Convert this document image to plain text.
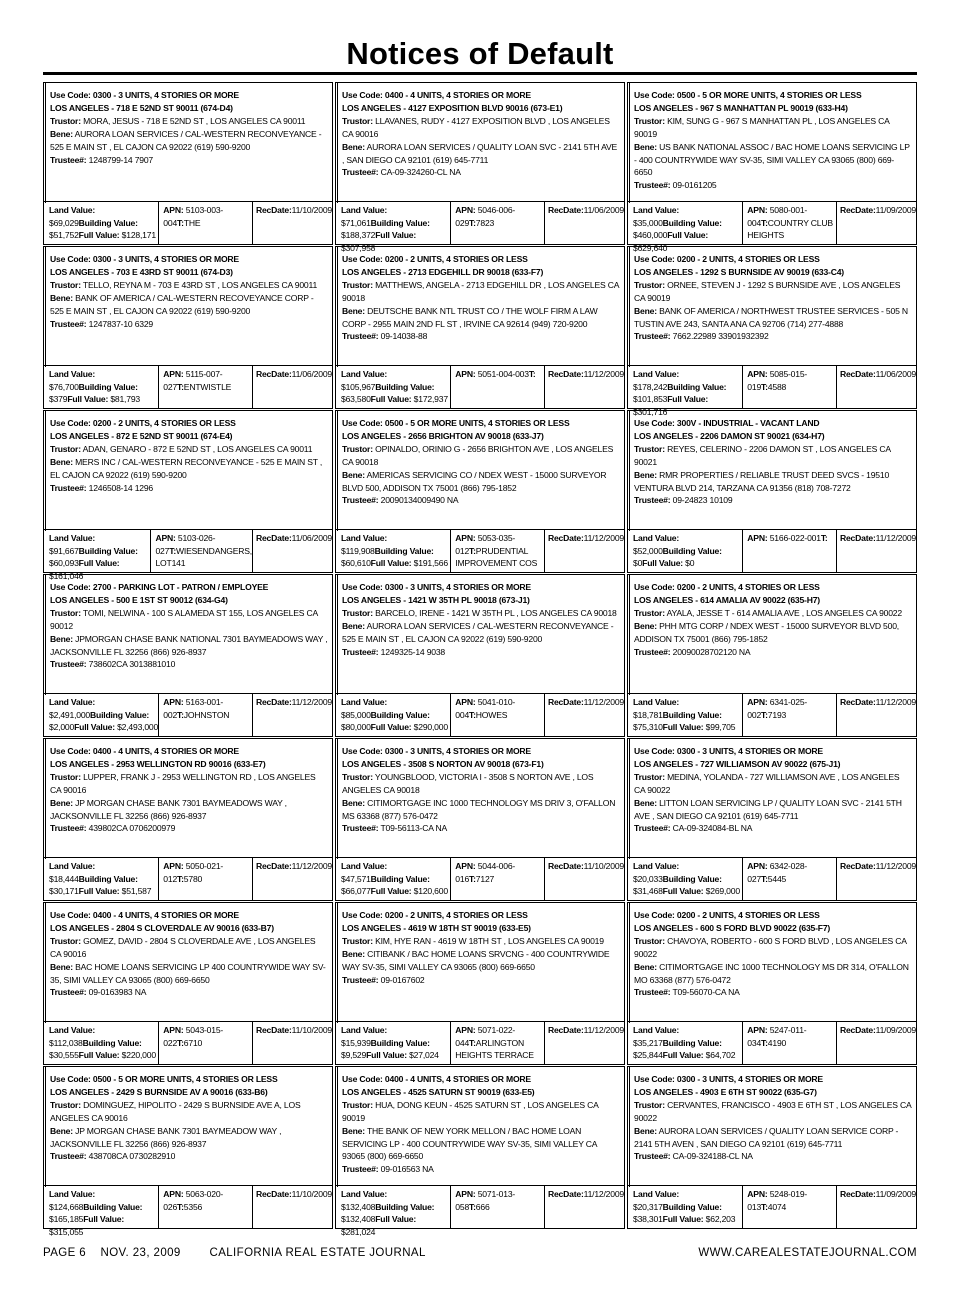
Notices of Default
Use Code: 0300 - 3 UNITS, 4 STORIES OR MORE
LOS ANGELES - 718 E 52ND ST 90011 (674-D4)
Trustor: MORA, JESUS - 718 E 52ND ST , LOS ANGELES CA 90011
Bene: AURORA LOAN SERVICES / CAL-WESTERN RECONVEYANCE - 525 E MAIN ST , EL CAJON CA 92022 (619) 590-9200
Trustee#: 1248799-14 7907
Land Value: $69,029Building Value: $51,752Full Value: $128,171
APN: 5103-003-004T:THE
RecDate:11/10/2009
Use Code: 0400 - 4 UNITS, 4 STORIES OR MORE
LOS ANGELES - 4127 EXPOSITION BLVD 90016 (673-E1)
Trustor: LLAVANES, RUDY - 4127 EXPOSITION BLVD , LOS ANGELES CA 90016
Bene: AURORA LOAN SERVICES / QUALITY LOAN SVC - 2141 5TH AVE , SAN DIEGO CA 92101 (619) 645-7711
Trustee#: CA-09-324260-CL NA
Land Value: $71,061Building Value: $188,372Full Value: $307,958
APN: 5046-006-029T:7823
RecDate:11/06/2009
Use Code: 0500 - 5 OR MORE UNITS, 4 STORIES OR LESS
LOS ANGELES - 967 S MANHATTAN PL 90019 (633-H4)
Trustor: KIM, SUNG G - 967 S MANHATTAN PL , LOS ANGELES CA 90019
Bene: US BANK NATIONAL ASSOC / BAC HOME LOANS SERVICING LP - 400 COUNTRYWIDE WAY SV-35, SIMI VALLEY CA 93065 (800) 669-6650
Trustee#: 09-0161205
Land Value: $35,000Building Value: $460,000Full Value: $629,640
APN: 5080-001-004T:COUNTRY CLUB HEIGHTS
RecDate:11/09/2009
Use Code: 0300 - 3 UNITS, 4 STORIES OR MORE
LOS ANGELES - 703 E 43RD ST 90011 (674-D3)
Trustor: TELLO, REYNA M - 703 E 43RD ST , LOS ANGELES CA 90011
Bene: BANK OF AMERICA / CAL-WESTERN RECOVEYANCE CORP - 525 E MAIN ST , EL CAJON CA 92022 (619) 590-9200
Trustee#: 1247837-10 6329
Land Value: $76,700Building Value: $379Full Value: $81,793
APN: 5115-007-027T:ENTWISTLE
RecDate:11/06/2009
Use Code: 0200 - 2 UNITS, 4 STORIES OR LESS
LOS ANGELES - 2713 EDGEHILL DR 90018 (633-F7)
Trustor: MATTHEWS, ANGELA - 2713 EDGEHILL DR , LOS ANGELES CA 90018
Bene: DEUTSCHE BANK NTL TRUST CO / THE WOLF FIRM A LAW CORP - 2955 MAIN 2ND FL ST , IRVINE CA 92614 (949) 720-9200
Trustee#: 09-14038-88
Land Value: $105,967Building Value: $63,580Full Value: $172,937
APN: 5051-004-003T:	RecDate:11/12/2009
Use Code: 0200 - 2 UNITS, 4 STORIES OR LESS
LOS ANGELES - 1292 S BURNSIDE AV 90019 (633-C4)
Trustor: ORNEE, STEVEN J - 1292 S BURNSIDE AVE , LOS ANGELES CA 90019
Bene: BANK OF AMERICA / NORTHWEST TRUSTEE SERVICES - 505 N TUSTIN AVE 243, SANTA ANA CA 92706 (714) 277-4888
Trustee#: 7662.22989 33901932392
Land Value: $178,242Building Value: $101,853Full Value: $301,716
APN: 5085-015-019T:4588
RecDate:11/06/2009
Use Code: 0200 - 2 UNITS, 4 STORIES OR LESS
LOS ANGELES - 872 E 52ND ST 90011 (674-E4)
Trustor: ADAN, GENARO - 872 E 52ND ST , LOS ANGELES CA 90011
Bene: MERS INC / CAL-WESTERN RECONVEYANCE - 525 E MAIN ST , EL CAJON CA 92022 (619) 590-9200
Trustee#: 1246508-14 1296
Land Value: $91,667Building Value: $60,093Full Value: $161,046
APN: 5103-026-027T:WIESENDANGERS, LOT141
RecDate:11/06/2009
Use Code: 0500 - 5 OR MORE UNITS, 4 STORIES OR LESS
LOS ANGELES - 2656 BRIGHTON AV 90018 (633-J7)
Trustor: OPINALDO, ORINIO G - 2656 BRIGHTON AVE , LOS ANGELES CA 90018
Bene: AMERICAS SERVICING CO / NDEX WEST - 15000 SURVEYOR BLVD 500, ADDISON TX 75001 (866) 795-1852
Trustee#: 20090134009490 NA
Land Value: $119,908Building Value: $60,610Full Value: $191,566
APN: 5053-035-012T:PRUDENTIAL IMPROVEMENT COS
RecDate:11/12/2009
Use Code: 300V - INDUSTRIAL - VACANT LAND
LOS ANGELES - 2206 DAMON ST 90021 (634-H7)
Trustor: REYES, CELERINO - 2206 DAMON ST , LOS ANGELES CA 90021
Bene: RMR PROPERTIES / RELIABLE TRUST DEED SVCS - 19510 VENTURA BLVD 214, TARZANA CA 91356 (818) 708-7272
Trustee#: 09-24823 10109
Land Value: $52,000Building Value: $0Full Value: $0
APN: 5166-022-001T:	RecDate:11/12/2009
Use Code: 2700 - PARKING LOT - PATRON / EMPLOYEE
LOS ANGELES - 500 E 1ST ST 90012 (634-G4)
Trustor: TOMI, NELWINA - 100 S ALAMEDA ST 155, LOS ANGELES CA 90012
Bene: JPMORGAN CHASE BANK NATIONAL 7301 BAYMEADOWS WAY , JACKSONVILLE FL 32256 (866) 926-8937
Trustee#: 738602CA 3013881010
Land Value: $2,491,000Building Value: $2,000Full Value: $2,493,000
APN: 5163-001-002T:JOHNSTON
RecDate:11/12/2009
Use Code: 0300 - 3 UNITS, 4 STORIES OR MORE
LOS ANGELES - 1421 W 35TH PL 90018 (673-J1)
Trustor: BARCELO, IRENE - 1421 W 35TH PL , LOS ANGELES CA 90018
Bene: AURORA LOAN SERVICES / CAL-WESTERN RECONVEYANCE - 525 E MAIN ST , EL CAJON CA 92022 (619) 590-9200
Trustee#: 1249325-14 9038
Land Value: $85,000Building Value: $80,000Full Value: $290,000
APN: 5041-010-004T:HOWES
RecDate:11/12/2009
Use Code: 0200 - 2 UNITS, 4 STORIES OR LESS
LOS ANGELES - 614 AMALIA AV 90022 (635-H7)
Trustor: AYALA, JESSE T - 614 AMALIA AVE , LOS ANGELES CA 90022
Bene: PHH MTG CORP / NDEX WEST - 15000 SURVEYOR BLVD 500, ADDISON TX 75001 (866) 795-1852
Trustee#: 20090028702120 NA
Land Value: $18,781Building Value: $75,310Full Value: $99,705
APN: 6341-025-002T:7193
RecDate:11/12/2009
Use Code: 0400 - 4 UNITS, 4 STORIES OR MORE
LOS ANGELES - 2953 WELLINGTON RD 90016 (633-E7)
Trustor: LUPPER, FRANK J - 2953 WELLINGTON RD , LOS ANGELES CA 90016
Bene: JP MORGAN CHASE BANK 7301 BAYMEADOWS WAY , JACKSONVILLE FL 32256 (866) 926-8937
Trustee#: 439802CA 0706200979
Land Value: $18,444Building Value: $30,171Full Value: $51,587
APN: 5050-021-012T:5780
RecDate:11/12/2009
Use Code: 0300 - 3 UNITS, 4 STORIES OR MORE
LOS ANGELES - 3508 S NORTON AV 90018 (673-F1)
Trustor: YOUNGBLOOD, VICTORIA I - 3508 S NORTON AVE , LOS ANGELES CA 90018
Bene: CITIMORTGAGE INC 1000 TECHNOLOGY MS DRIV 3, O'FALLON MS 63368 (877) 576-0472
Trustee#: T09-56113-CA NA
Land Value: $47,571Building Value: $66,077Full Value: $120,600
APN: 5044-006-016T:7127
RecDate:11/10/2009
Use Code: 0300 - 3 UNITS, 4 STORIES OR MORE
LOS ANGELES - 727 WILLIAMSON AV 90022 (675-J1)
Trustor: MEDINA, YOLANDA - 727 WILLIAMSON AVE , LOS ANGELES CA 90022
Bene: LITTON LOAN SERVICING LP / QUALITY LOAN SVC - 2141 5TH AVE , SAN DIEGO CA 92101 (619) 645-7711
Trustee#: CA-09-324084-BL NA
Land Value: $20,033Building Value: $31,468Full Value: $269,000
APN: 6342-028-027T:5445
RecDate:11/12/2009
Use Code: 0400 - 4 UNITS, 4 STORIES OR MORE
LOS ANGELES - 2804 S CLOVERDALE AV 90016 (633-B7)
Trustor: GOMEZ, DAVID - 2804 S CLOVERDALE AVE , LOS ANGELES CA 90016
Bene: BAC HOME LOANS SERVICING LP 400 COUNTRYWIDE WAY SV-35, SIMI VALLEY CA 93065 (800) 669-6650
Trustee#: 09-0163983 NA
Land Value: $112,038Building Value: $30,555Full Value: $220,000
APN: 5043-015-022T:6710
RecDate:11/10/2009
Use Code: 0200 - 2 UNITS, 4 STORIES OR LESS
LOS ANGELES - 4619 W 18TH ST 90019 (633-E5)
Trustor: KIM, HYE RAN - 4619 W 18TH ST , LOS ANGELES CA 90019
Bene: CITIBANK / BAC HOME LOANS SRVCNG - 400 COUNTRYWIDE WAY SV-35, SIMI VALLEY CA 93065 (800) 669-6650
Trustee#: 09-0167602
Land Value: $15,939Building Value: $9,529Full Value: $27,024
APN: 5071-022-044T:ARLINGTON HEIGHTS TERRACE
RecDate:11/12/2009
Use Code: 0200 - 2 UNITS, 4 STORIES OR LESS
LOS ANGELES - 600 S FORD BLVD 90022 (635-F7)
Trustor: CHAVOYA, ROBERTO - 600 S FORD BLVD , LOS ANGELES CA 90022
Bene: CITIMORTGAGE INC 1000 TECHNOLOGY MS DR 314, O'FALLON MO 63368 (877) 576-0472
Trustee#: T09-56070-CA NA
Land Value: $35,217Building Value: $25,844Full Value: $64,702
APN: 5247-011-034T:4190
RecDate:11/09/2009
Use Code: 0500 - 5 OR MORE UNITS, 4 STORIES OR LESS
LOS ANGELES - 2429 S BURNSIDE AV A 90016 (633-B6)
Trustor: DOMINGUEZ, HIPOLITO - 2429 S BURNSIDE AVE A, LOS ANGELES CA 90016
Bene: JP MORGAN CHASE BANK 7301 BAYMEADOW WAY , JACKSONVILLE FL 32256 (866) 926-8937
Trustee#: 438708CA 0730282910
Land Value: $124,668Building Value: $165,185Full Value: $315,055
APN: 5063-020-026T:5356
RecDate:11/10/2009
Use Code: 0400 - 4 UNITS, 4 STORIES OR MORE
LOS ANGELES - 4525 SATURN ST 90019 (633-E5)
Trustor: HUA, DONG KEUN - 4525 SATURN ST , LOS ANGELES CA 90019
Bene: THE BANK OF NEW YORK MELLON / BAC HOME LOAN SERVICING LP - 400 COUNTRYWIDE WAY SV-35, SIMI VALLEY CA 93065 (800) 669-6650
Trustee#: 09-016563 NA
Land Value: $132,408Building Value: $132,408Full Value: $281,024
APN: 5071-013-058T:666
RecDate:11/12/2009
Use Code: 0300 - 3 UNITS, 4 STORIES OR MORE
LOS ANGELES - 4903 E 6TH ST 90022 (635-G7)
Trustor: CERVANTES, FRANCISCO - 4903 E 6TH ST , LOS ANGELES CA 90022
Bene: AURORA LOAN SERVICES / QUALITY LOAN SERVICE CORP - 2141 5TH AVEN , SAN DIEGO CA 92101 (619) 645-7711
Trustee#: CA-09-324188-CL NA
Land Value: $20,317Building Value: $38,301Full Value: $62,203
APN: 5248-019-013T:4074
RecDate:11/09/2009
PAGE 6 NOV. 23, 2009	CALIFORNIA REAL ESTATE JOURNAL	WWW.CAREALESTATEJOURNAL.COM
